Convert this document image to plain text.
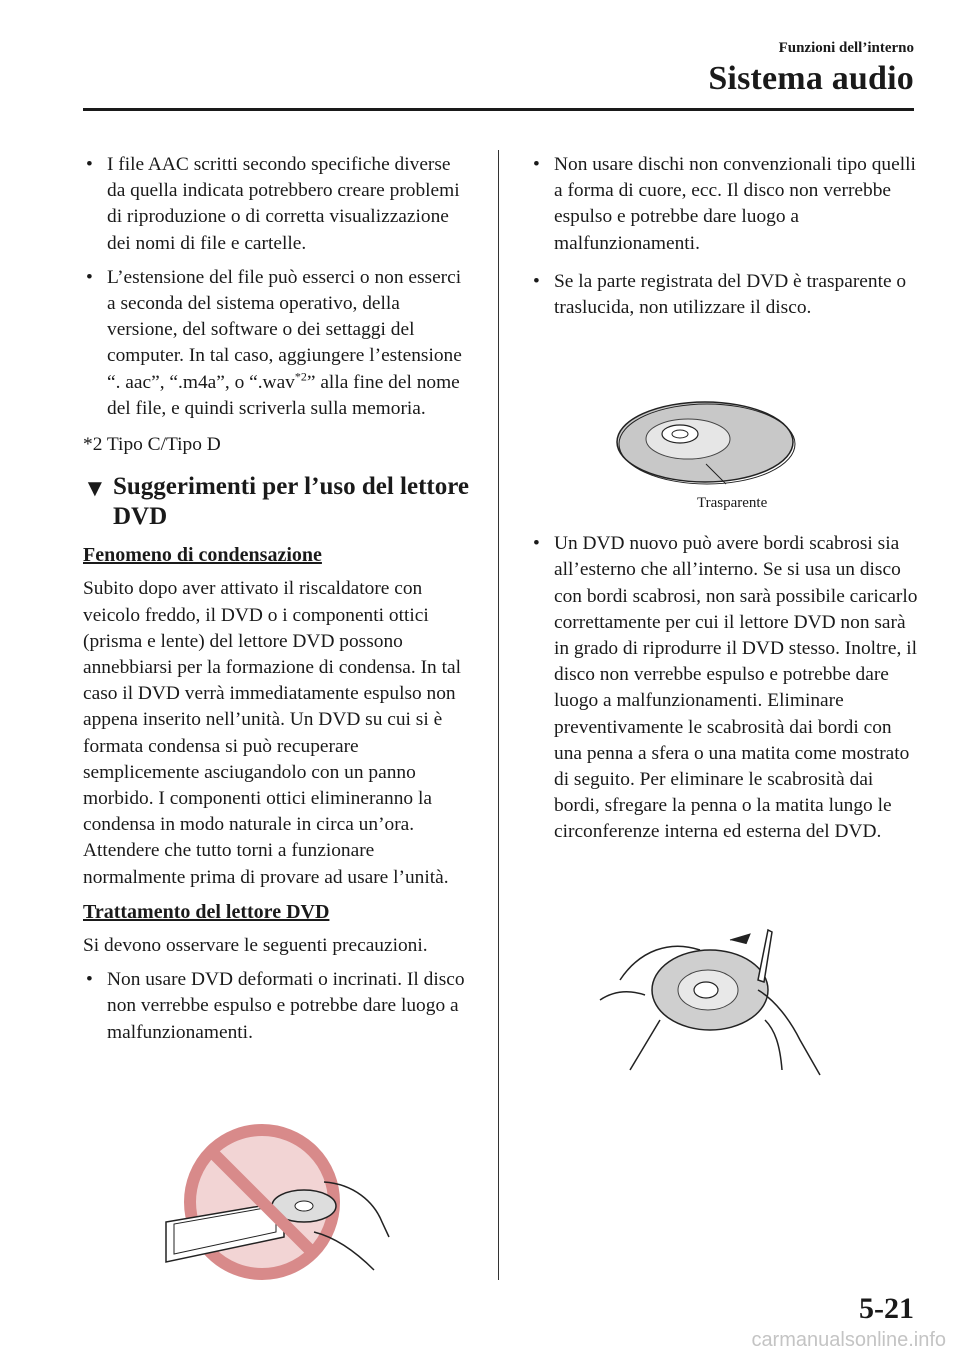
Funzioni dell’interno
Sistema audio
• I file AAC scritti secondo specifiche diverse da quella indicata potrebbero creare problemi di riproduzione o di corretta visualizzazione dei nomi di file e cartelle.
• L’estensione del file può esserci o non esserci a seconda del sistema operativo, della versione, del software o dei settaggi del computer. In tal caso, aggiungere l’estensione “. aac”, “.m4a”, o “.wav$^{*2}$” alla fine del nome del file, e quindi scriverla sulla memoria.
*2 Tipo C/Tipo D
▼ Suggerimenti per l’uso del lettore DVD
Fenomeno di condensazione
Subito dopo aver attivato il riscaldatore con veicolo freddo, il DVD o i componenti ottici (prisma e lente) del lettore DVD possono annebbiarsi per la formazione di condensa. In tal caso il DVD verrà immediatamente espulso non appena inserito nell’unità. Un DVD su cui si è formata condensa si può recuperare semplicemente asciugandolo con un panno morbido. I componenti ottici elimineranno la condensa in modo naturale in circa un’ora. Attendere che tutto torni a funzionare normalmente prima di provare ad usare l’unità.
Trattamento del lettore DVD
Si devono osservare le seguenti precauzioni.
• Non usare DVD deformati o incrinati. Il disco non verrebbe espulso e potrebbe dare luogo a malfunzionamenti.
• Non usare dischi non convenzionali tipo quelli a forma di cuore, ecc. Il disco non verrebbe espulso e potrebbe dare luogo a malfunzionamenti.
• Se la parte registrata del DVD è trasparente o traslucida, non utilizzare il disco.
• Un DVD nuovo può avere bordi scabrosi sia all’esterno che all’interno. Se si usa un disco con bordi scabrosi, non sarà possibile caricarlo correttamente per cui il lettore DVD non sarà in grado di riprodurre il DVD stesso. Inoltre, il disco non verrebbe espulso e potrebbe dare luogo a malfunzionamenti. Eliminare preventivamente le scabrosità dai bordi con una penna a sfera o una matita come mostrato di seguito. Per eliminare le scabrosità dai bordi, sfregare la penna o la matita lungo le circonferenze interna ed esterna del DVD.
Trasparente
5-21
carmanualsonline.info
